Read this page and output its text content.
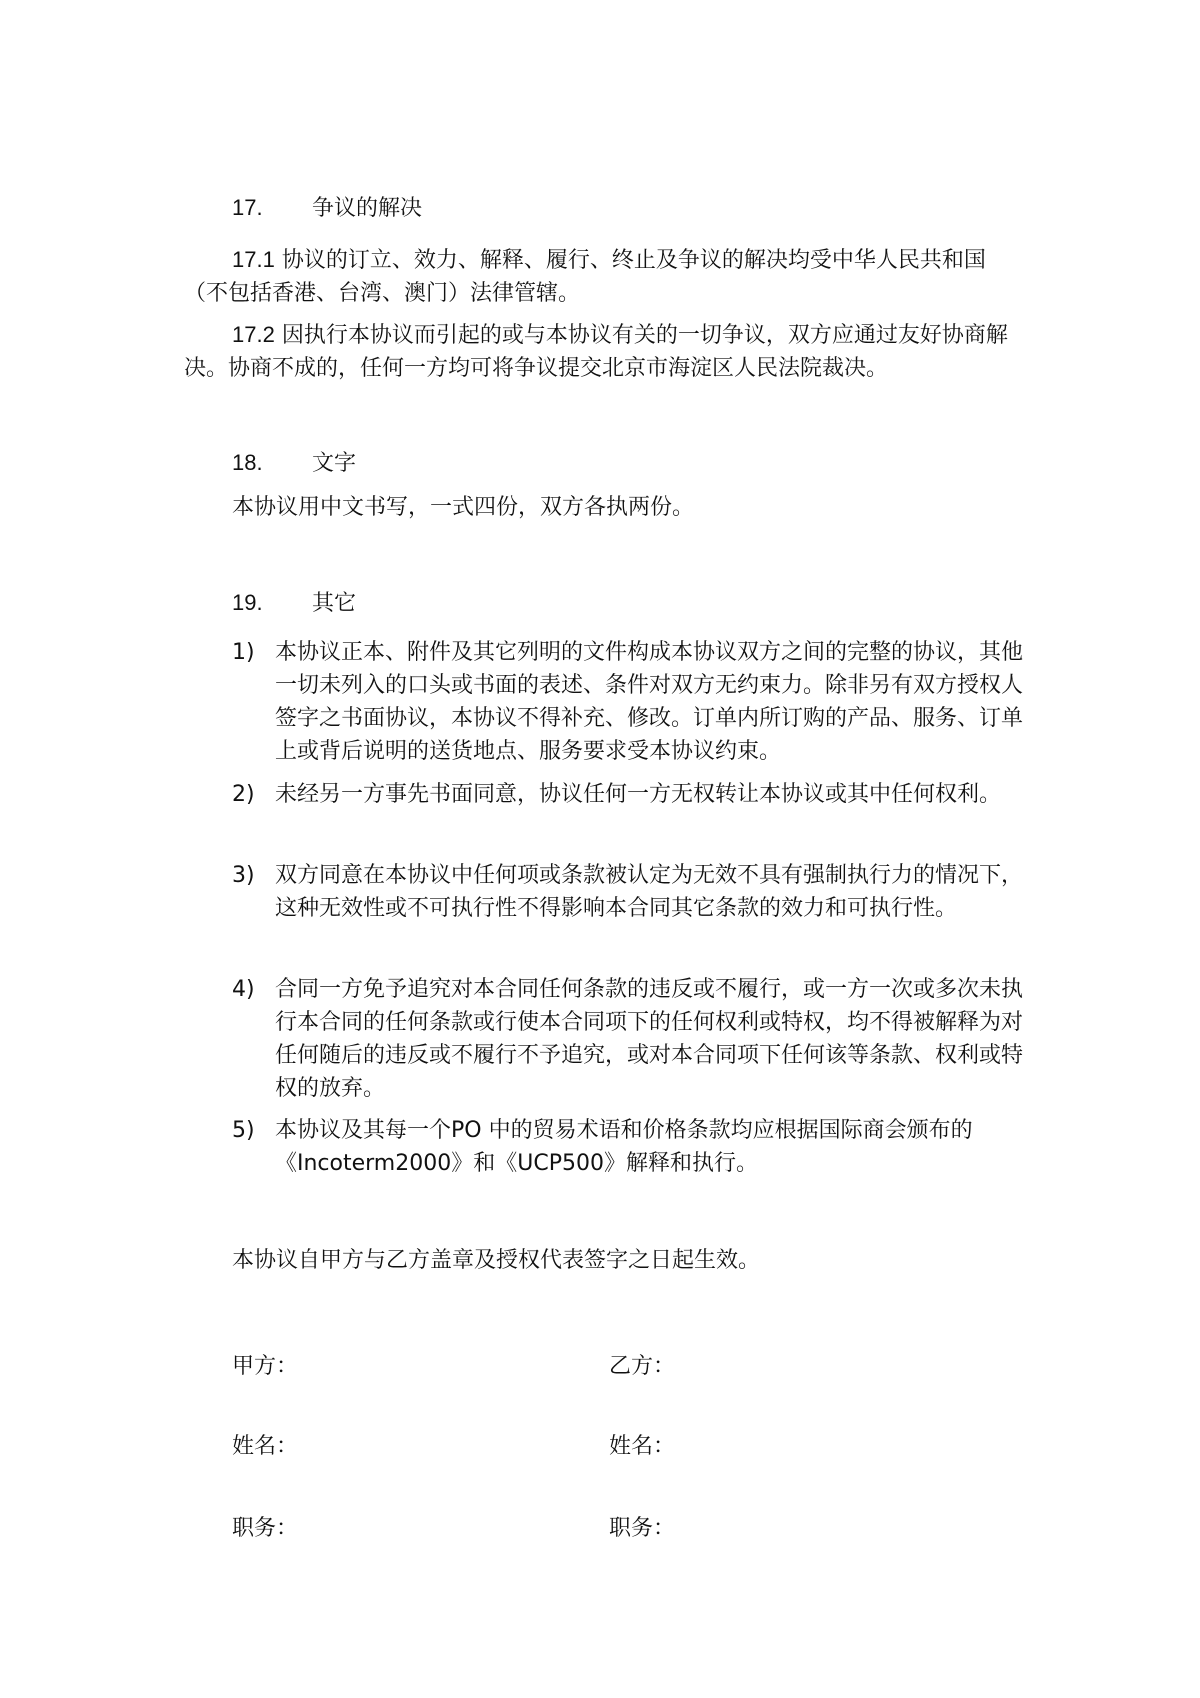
17. 争议的解决
17.1 协议的订立、效力、解释、履行、终止及争议的解决均受中华人民共和国（不包括香港、台湾、澳门）法律管辖。
17.2 因执行本协议而引起的或与本协议有关的一切争议，双方应通过友好协商解决。协商不成的，任何一方均可将争议提交北京市海淀区人民法院裁决。
18. 文字
本协议用中文书写，一式四份，双方各执两份。
19. 其它
1) 本协议正本、附件及其它列明的文件构成本协议双方之间的完整的协议，其他一切未列入的口头或书面的表述、条件对双方无约束力。除非另有双方授权人签字之书面协议，本协议不得补充、修改。订单内所订购的产品、服务、订单上或背后说明的送货地点、服务要求受本协议约束。
2) 未经另一方事先书面同意，协议任何一方无权转让本协议或其中任何权利。
3) 双方同意在本协议中任何项或条款被认定为无效不具有强制执行力的情况下，这种无效性或不可执行性不得影响本合同其它条款的效力和可执行性。
4) 合同一方免予追究对本合同任何条款的违反或不履行，或一方一次或多次未执行本合同的任何条款或行使本合同项下的任何权利或特权，均不得被解释为对任何随后的违反或不履行不予追究，或对本合同项下任何该等条款、权利或特权的放弃。
5) 本协议及其每一个PO 中的贸易术语和价格条款均应根据国际商会颁布的《Incoterm2000》和《UCP500》解释和执行。
本协议自甲方与乙方盖章及授权代表签字之日起生效。
甲方：	乙方：
姓名：	姓名：
职务：	职务：
